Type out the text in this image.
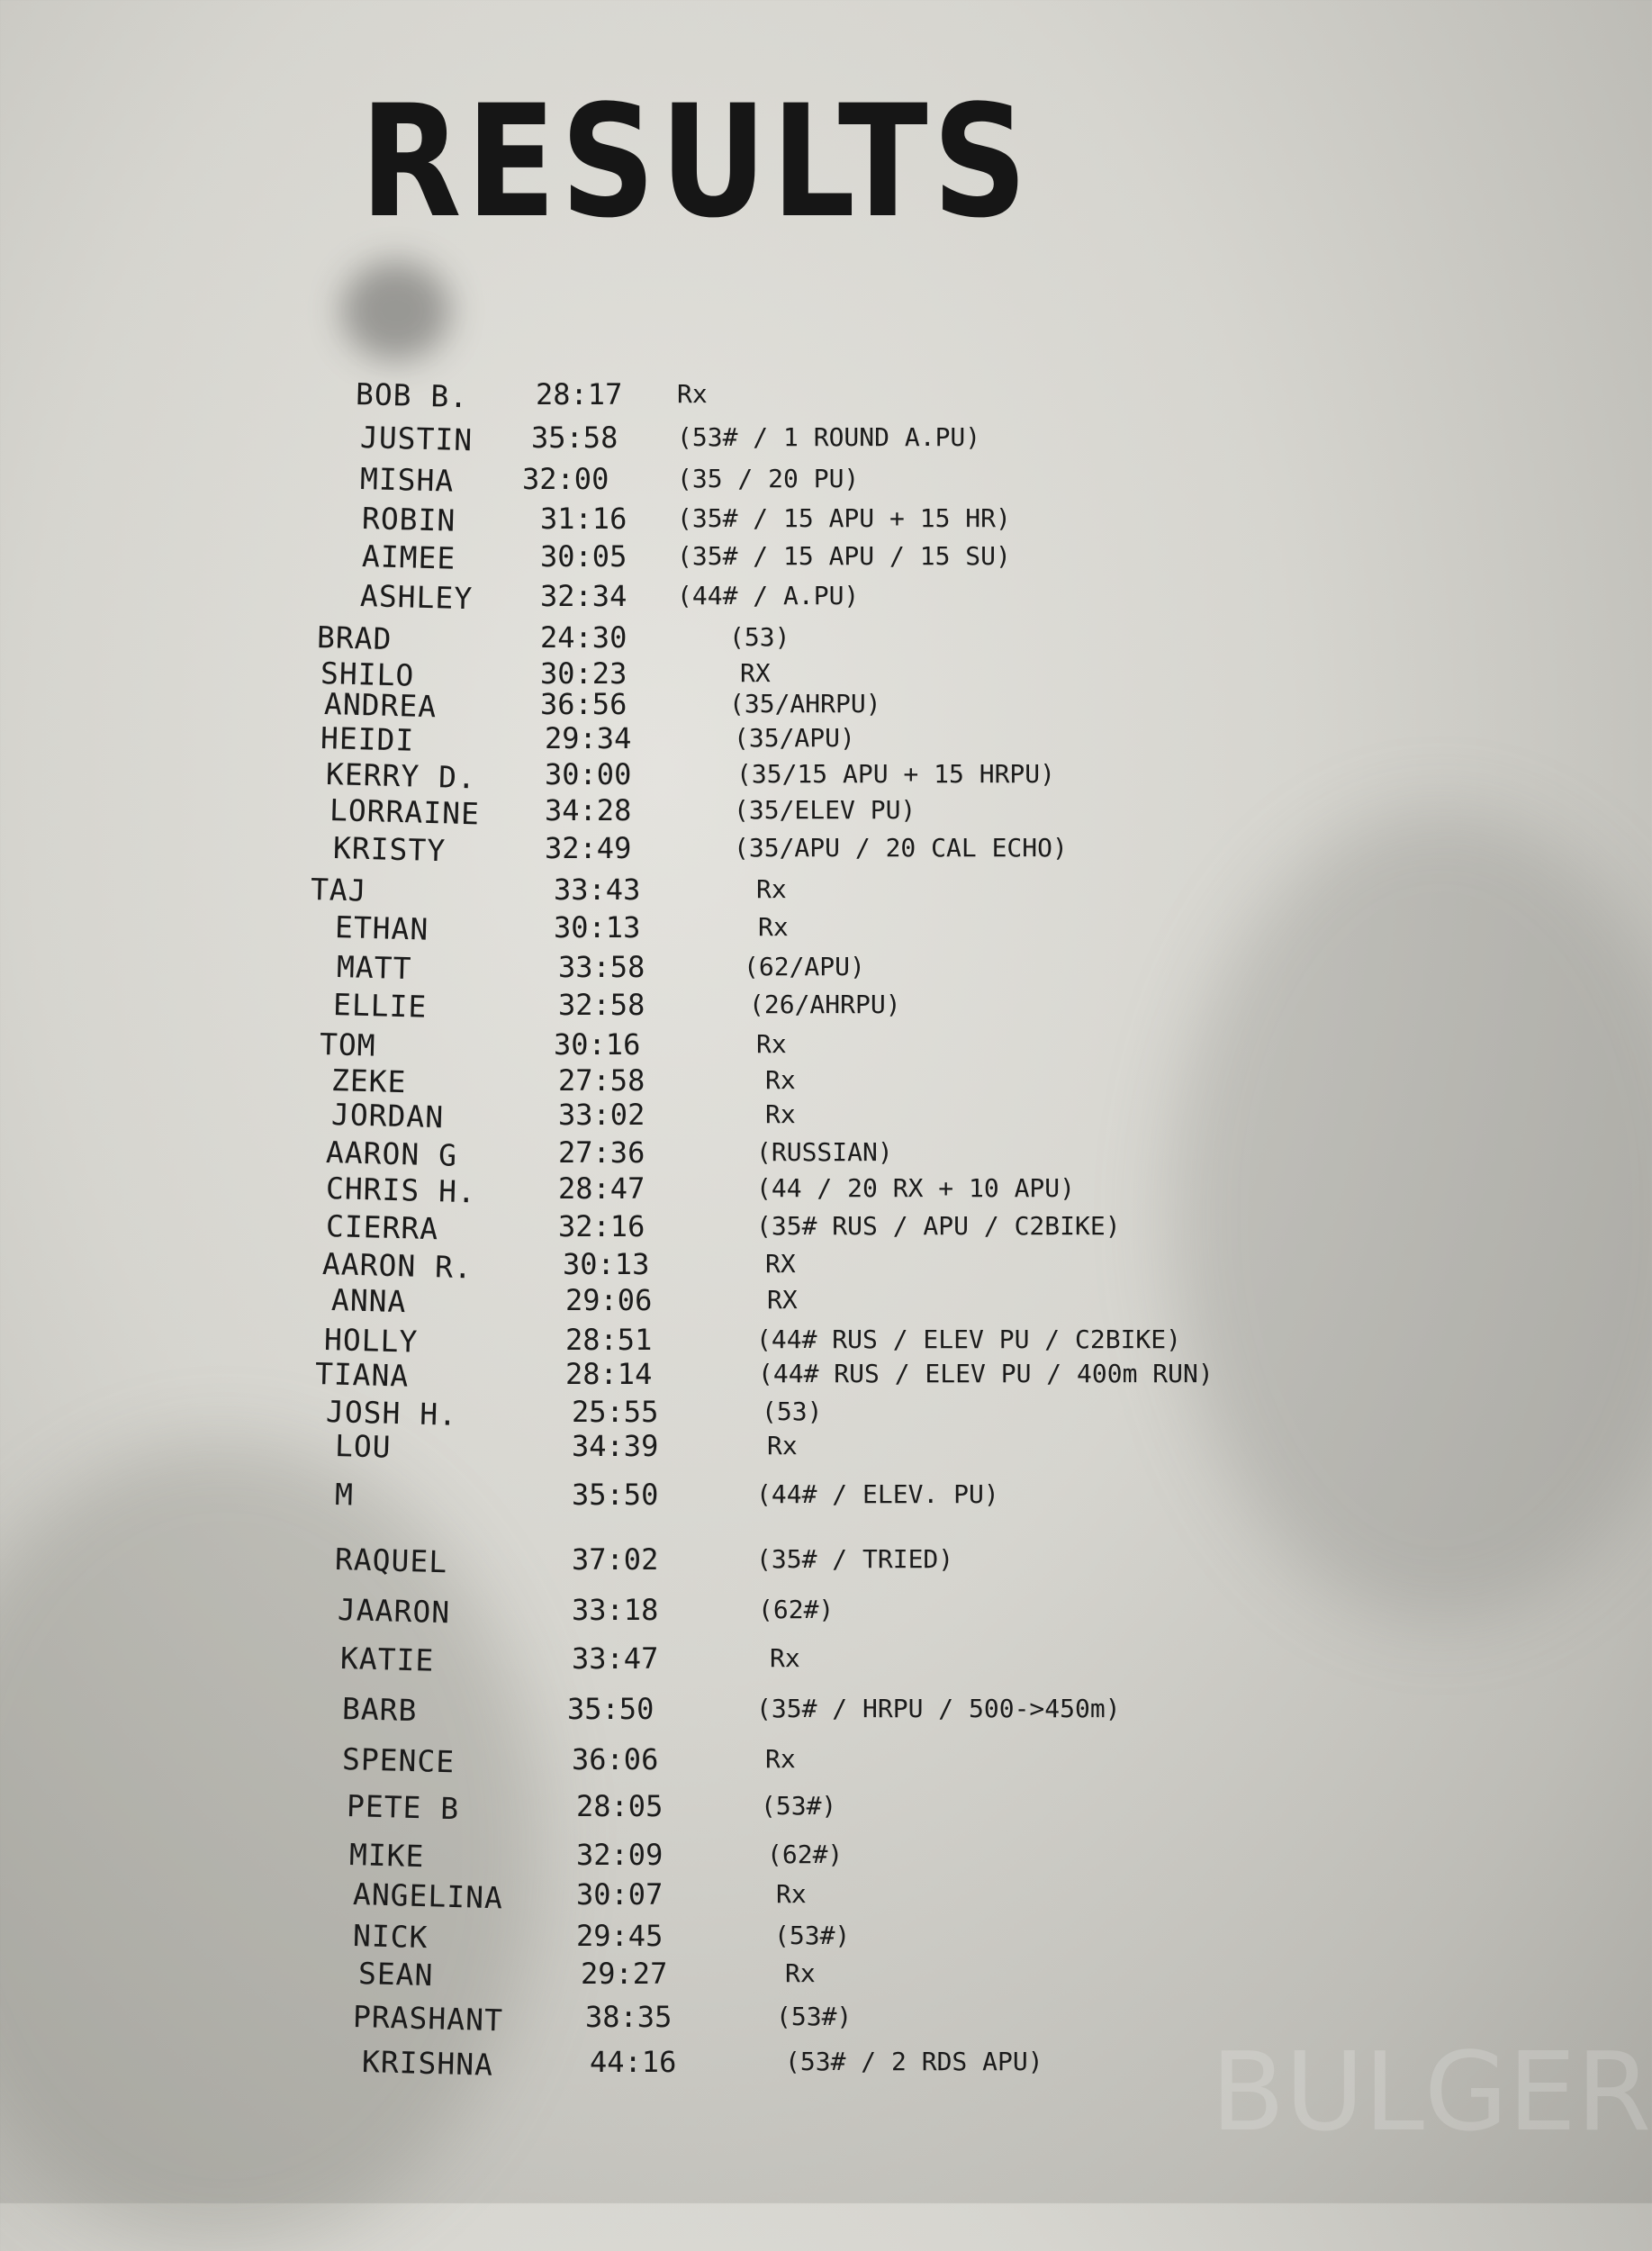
BULGER
RESULTS
BOB B. 28:17 Rx
JUSTIN 35:58 (53# / 1 ROUND A.PU)
MISHA 32:00	(35 / 20 PU)
ROBIN	31:16 (35# / 15 APU + 15 HR)
AIMEE	30:05 (35# / 15 APU / 15 SU)
ASHLEY 32:34 (44# / A.PU)
BRAD	24:30	(53)
SHILO	30:23	RX
ANDREA	36:56	(35/AHRPU)
HEIDI	29:34	(35/APU)
KERRY D. 30:00	(35/15 APU + 15 HRPU)
LORRAINE 34:28	(35/ELEV PU)
KRISTY	32:49	(35/APU / 20 CAL ECHO)
TAJ	33:43	Rx
ETHAN	30:13	Rx
MATT	33:58	(62/APU)
ELLIE	32:58	(26/AHRPU)
TOM	30:16	Rx
ZEKE	27:58	Rx
JORDAN	33:02	Rx
AARON G	27:36	(RUSSIAN)
CHRIS H.	28:47	(44 / 20 RX + 10 APU)
CIERRA	32:16	(35# RUS / APU / C2BIKE)
AARON R.	30:13	RX
ANNA	29:06	RX
HOLLY	28:51	(44# RUS / ELEV PU / C2BIKE)
TIANA	28:14	(44# RUS / ELEV PU / 400m RUN)
JOSH H.	25:55	(53)
LOU	34:39	Rx
M	35:50	(44# / ELEV. PU)
RAQUEL	37:02	(35# / TRIED)
JAARON	33:18	(62#)
KATIE	33:47	Rx
BARB	35:50	(35# / HRPU / 500->450m)
SPENCE	36:06	Rx
PETE B	28:05	(53#)
MIKE	32:09	(62#)
ANGELINA	30:07	Rx
NICK	29:45	(53#)
SEAN	29:27	Rx
PRASHANT	38:35	(53#)
KRISHNA	44:16	(53# / 2 RDS APU)
